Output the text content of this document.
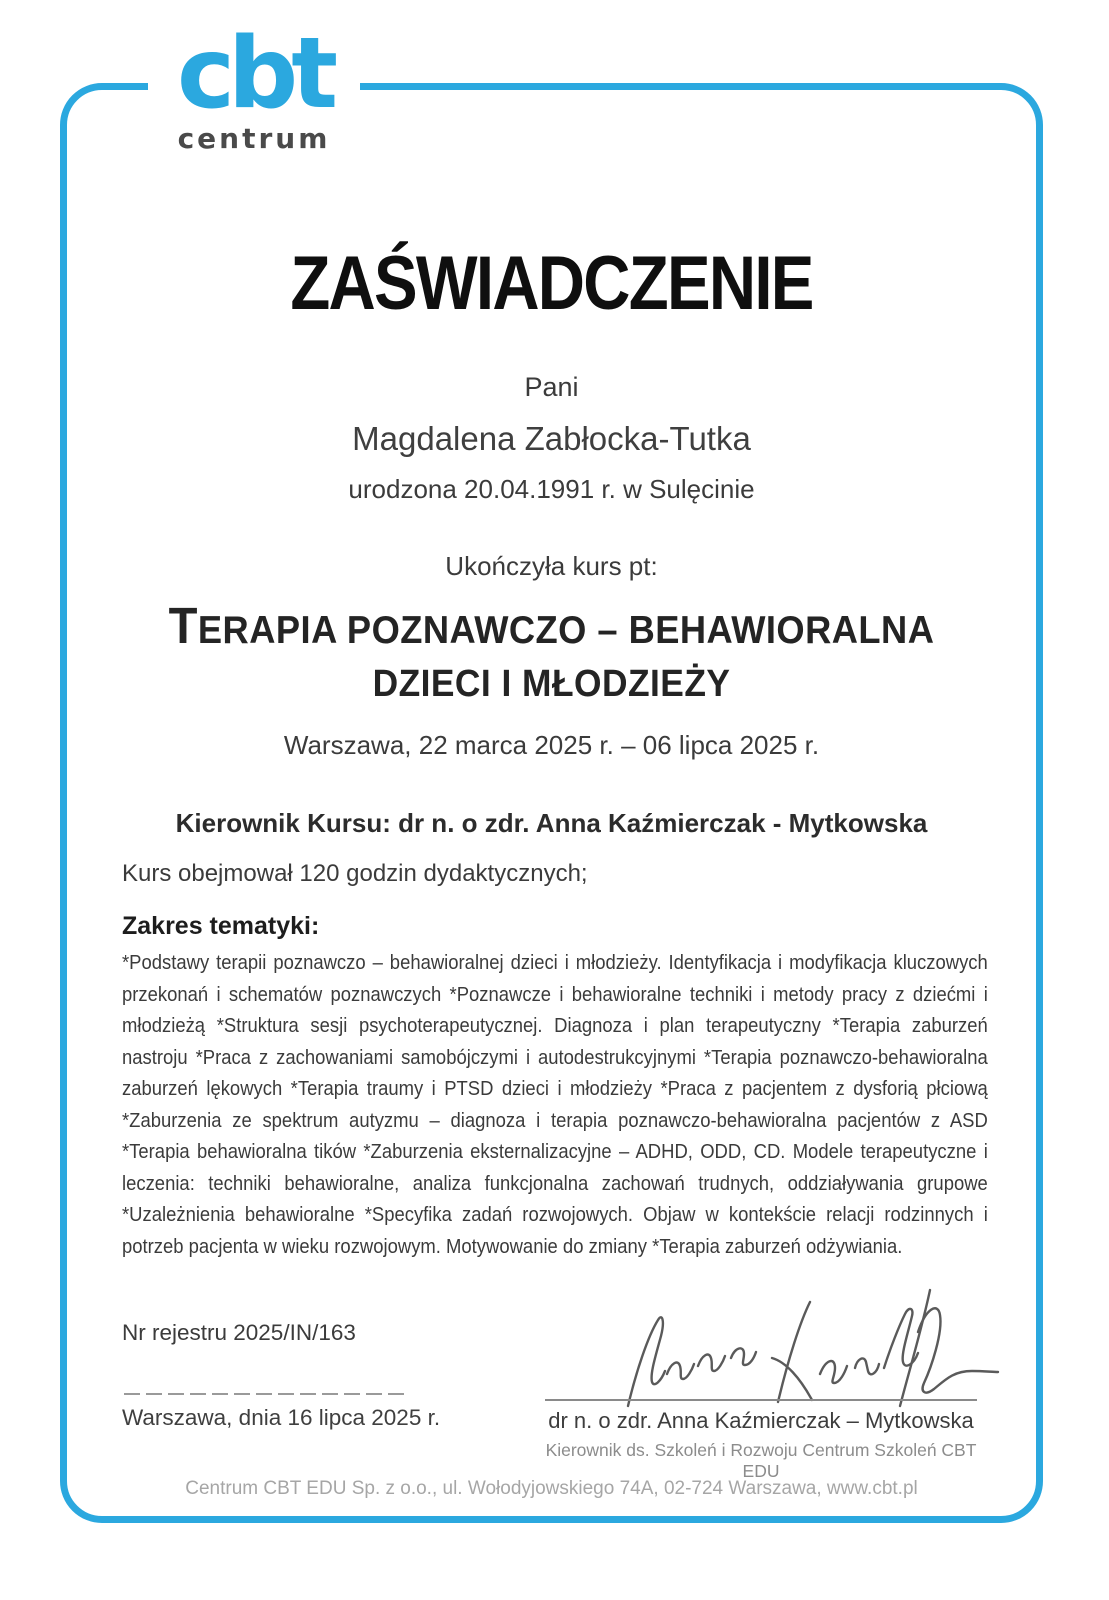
cbt
centrum
ZAŚWIADCZENIE
Pani
Magdalena Zabłocka-Tutka
urodzona 20.04.1991 r. w Sulęcinie
Ukończyła kurs pt:
TERAPIA POZNAWCZO – BEHAWIORALNA
DZIECI I MŁODZIEŻY
Warszawa, 22 marca 2025 r. – 06 lipca 2025 r.
Kierownik Kursu: dr n. o zdr. Anna Kaźmierczak - Mytkowska
Kurs obejmował 120 godzin dydaktycznych;
Zakres tematyki:
*Podstawy terapii poznawczo – behawioralnej dzieci i młodzieży. Identyfikacja i modyfikacja kluczowych przekonań i schematów poznawczych *Poznawcze i behawioralne techniki i metody pracy z dziećmi i młodzieżą *Struktura sesji psychoterapeutycznej. Diagnoza i plan terapeutyczny *Terapia zaburzeń nastroju *Praca z zachowaniami samobójczymi i autodestrukcyjnymi *Terapia poznawczo-behawioralna zaburzeń lękowych *Terapia traumy i PTSD dzieci i młodzieży *Praca z pacjentem z dysforią płciową *Zaburzenia ze spektrum autyzmu – diagnoza i terapia poznawczo-behawioralna pacjentów z ASD *Terapia behawioralna tików *Zaburzenia eksternalizacyjne – ADHD, ODD, CD. Modele terapeutyczne i leczenia: techniki behawioralne, analiza funkcjonalna zachowań trudnych, oddziaływania grupowe *Uzależnienia behawioralne *Specyfika zadań rozwojowych. Objaw w kontekście relacji rodzinnych i potrzeb pacjenta w wieku rozwojowym. Motywowanie do zmiany *Terapia zaburzeń odżywiania.
Nr rejestru 2025/IN/163
Warszawa, dnia 16 lipca 2025 r.	dr n. o zdr. Anna Kaźmierczak – Mytkowska
Kierownik ds. Szkoleń i Rozwoju Centrum Szkoleń CBT EDU
Centrum CBT EDU Sp. z o.o., ul. Wołodyjowskiego 74A, 02-724 Warszawa, www.cbt.pl
